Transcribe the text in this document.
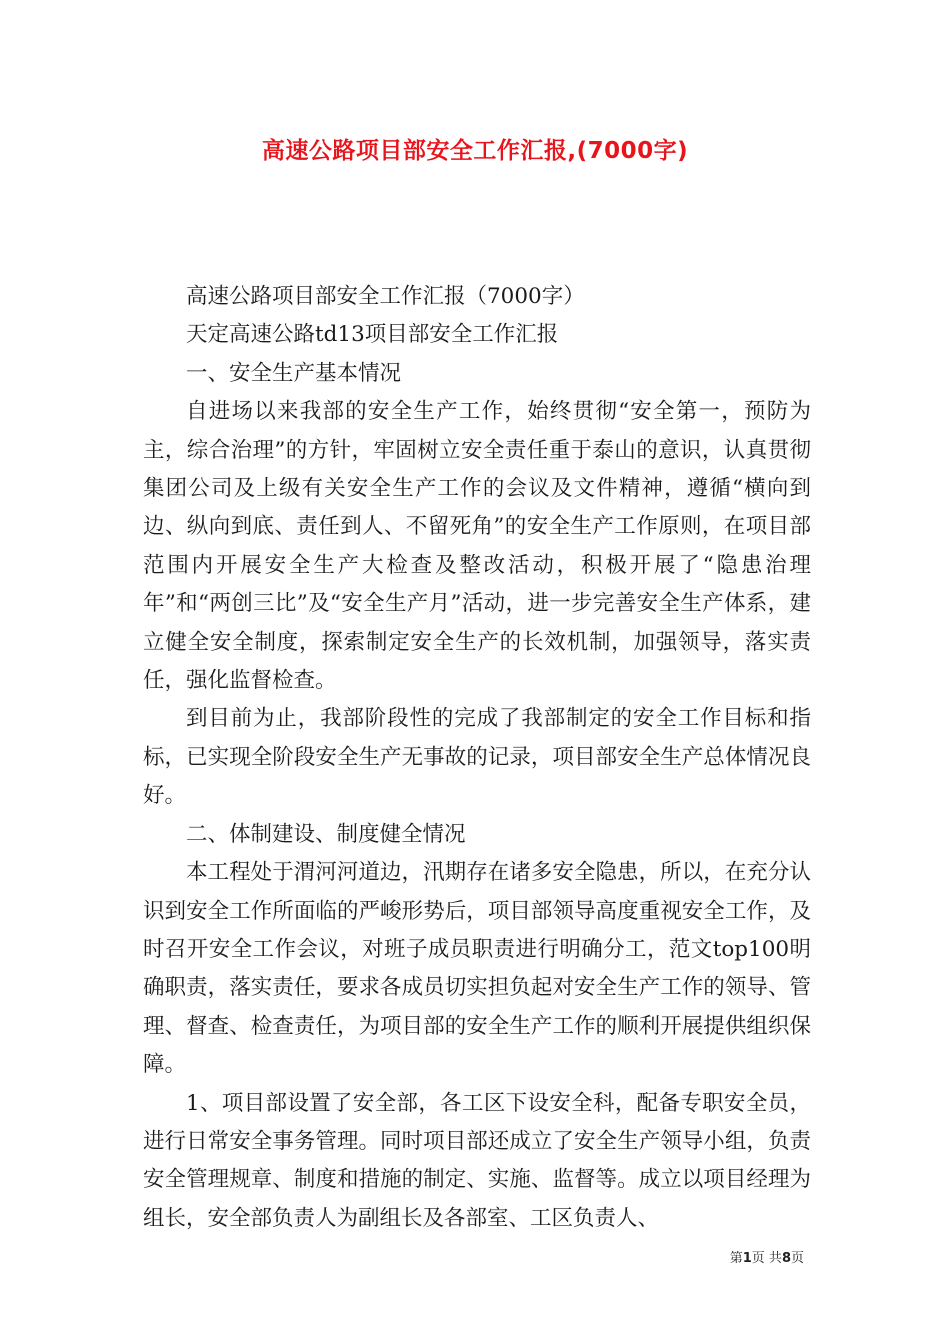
高速公路项目部安全工作汇报,(7000字)

高速公路项目部安全工作汇报（7000字）

天定高速公路td13项目部安全工作汇报

一、安全生产基本情况

自进场以来我部的安全生产工作，始终贯彻“安全第一，预防为主，综合治理”的方针，牢固树立安全责任重于泰山的意识，认真贯彻集团公司及上级有关安全生产工作的会议及文件精神，遵循“横向到边、纵向到底、责任到人、不留死角”的安全生产工作原则，在项目部范围内开展安全生产大检查及整改活动，积极开展了“隐患治理年”和“两创三比”及“安全生产月”活动，进一步完善安全生产体系，建立健全安全制度，探索制定安全生产的长效机制，加强领导，落实责任，强化监督检查。

到目前为止，我部阶段性的完成了我部制定的安全工作目标和指标，已实现全阶段安全生产无事故的记录，项目部安全生产总体情况良好。

二、体制建设、制度健全情况

本工程处于渭河河道边，汛期存在诸多安全隐患，所以，在充分认识到安全工作所面临的严峻形势后，项目部领导高度重视安全工作，及时召开安全工作会议，对班子成员职责进行明确分工，范文top100明确职责，落实责任，要求各成员切实担负起对安全生产工作的领导、管理、督查、检查责任，为项目部的安全生产工作的顺利开展提供组织保障。

1、项目部设置了安全部，各工区下设安全科，配备专职安全员，进行日常安全事务管理。同时项目部还成立了安全生产领导小组，负责安全管理规章、制度和措施的制定、实施、监督等。成立以项目经理为组长，安全部负责人为副组长及各部室、工区负责人、

第1页 共8页
